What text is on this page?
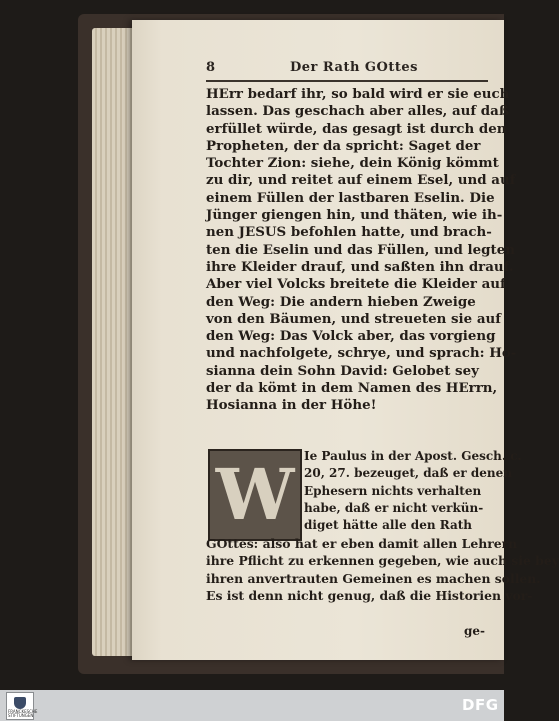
8	Der Rath GOttes
HErr bedarf ihr, so bald wird er sie euch
lassen. Das geschach aber alles, auf daß
erfüllet würde, das gesagt ist durch den
Propheten, der da spricht: Saget der
Tochter Zion: siehe, dein König kömmt
zu dir, und reitet auf einem Esel, und auf
einem Füllen der lastbaren Eselin. Die
Jünger giengen hin, und thäten, wie ih-
nen JESUS befohlen hatte, und brach-
ten die Eselin und das Füllen, und legten
ihre Kleider drauf, und saßten ihn drauf.
Aber viel Volcks breitete die Kleider auf
den Weg: Die andern hieben Zweige
von den Bäumen, und streueten sie auf
den Weg: Das Volck aber, das vorgieng
und nachfolgete, schrye, und sprach: Ho-
sianna dein Sohn David: Gelobet sey
der da kömt in dem Namen des HErrn,
Hosianna in der Höhe!
W Ie Paulus in der Apost. Gesch. c.
20, 27. bezeuget, daß er denen
Ephesern nichts verhalten
habe, daß er nicht verkün-
diget hätte alle den Rath
GOttes: also hat er eben damit allen Lehrern
ihre Pflicht zu erkennen gegeben, wie auch sie bey
ihren anvertrauten Gemeinen es machen sollen.
Es ist denn nicht genug, daß die Historien vor-
ge-
FRANCKESCHE STIFTUNGEN
DFG
